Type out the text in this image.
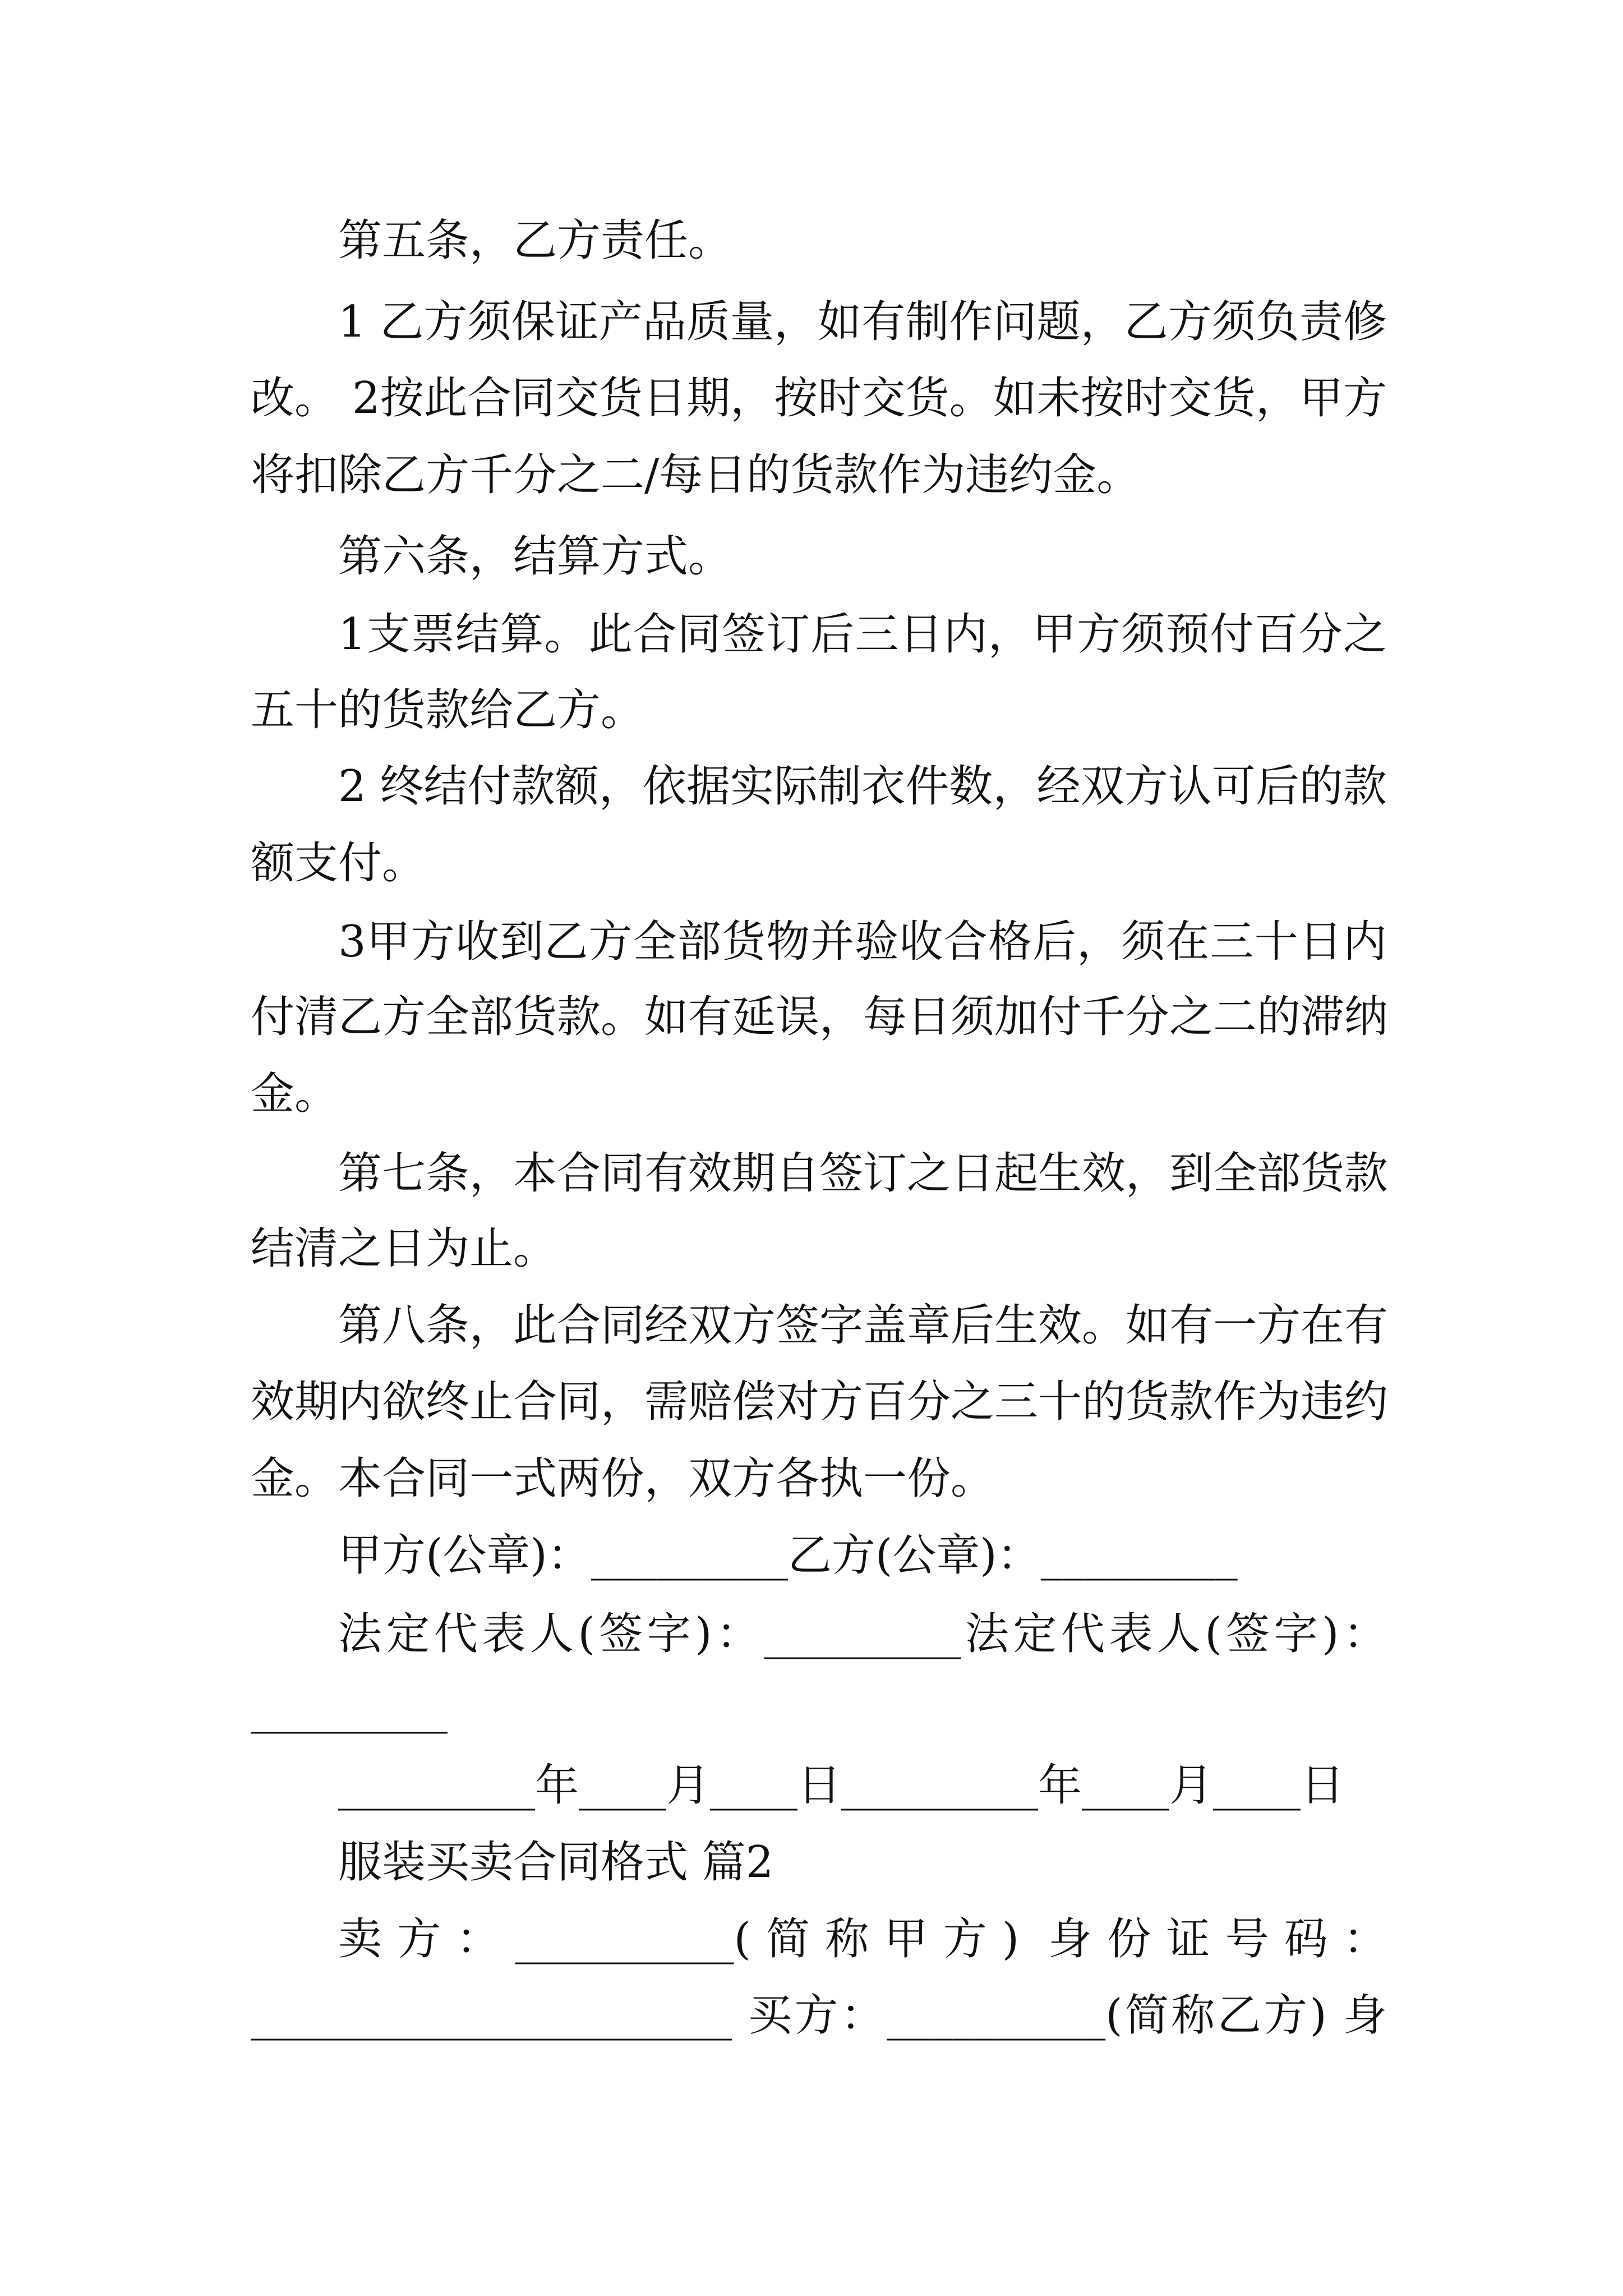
第五条，乙方责任。
1 乙方须保证产品质量，如有制作问题，乙方须负责修
改。 2按此合同交货日期，按时交货。如未按时交货，甲方
将扣除乙方千分之二/每日的货款作为违约金。
第六条，结算方式。
1支票结算。此合同签订后三日内，甲方须预付百分之
五十的货款给乙方。
2 终结付款额，依据实际制衣件数，经双方认可后的款
额支付。
3甲方收到乙方全部货物并验收合格后，须在三十日内
付清乙方全部货款。如有延误，每日须加付千分之二的滞纳
金。
第七条，本合同有效期自签订之日起生效，到全部货款
结清之日为止。
第八条，此合同经双方签字盖章后生效。如有一方在有
效期内欲终止合同，需赔偿对方百分之三十的货款作为违约
金。本合同一式两份，双方各执一份。
甲方(公章)：_________乙方(公章)：_________
法定代表人(签字)：_________法定代表人(签字)：
_________
_________年____月____日_________年____月____日
服装买卖合同格式 篇2
卖方：__________(简称甲方) 身份证号码：
______________________ 买方：__________(简称乙方) 身
